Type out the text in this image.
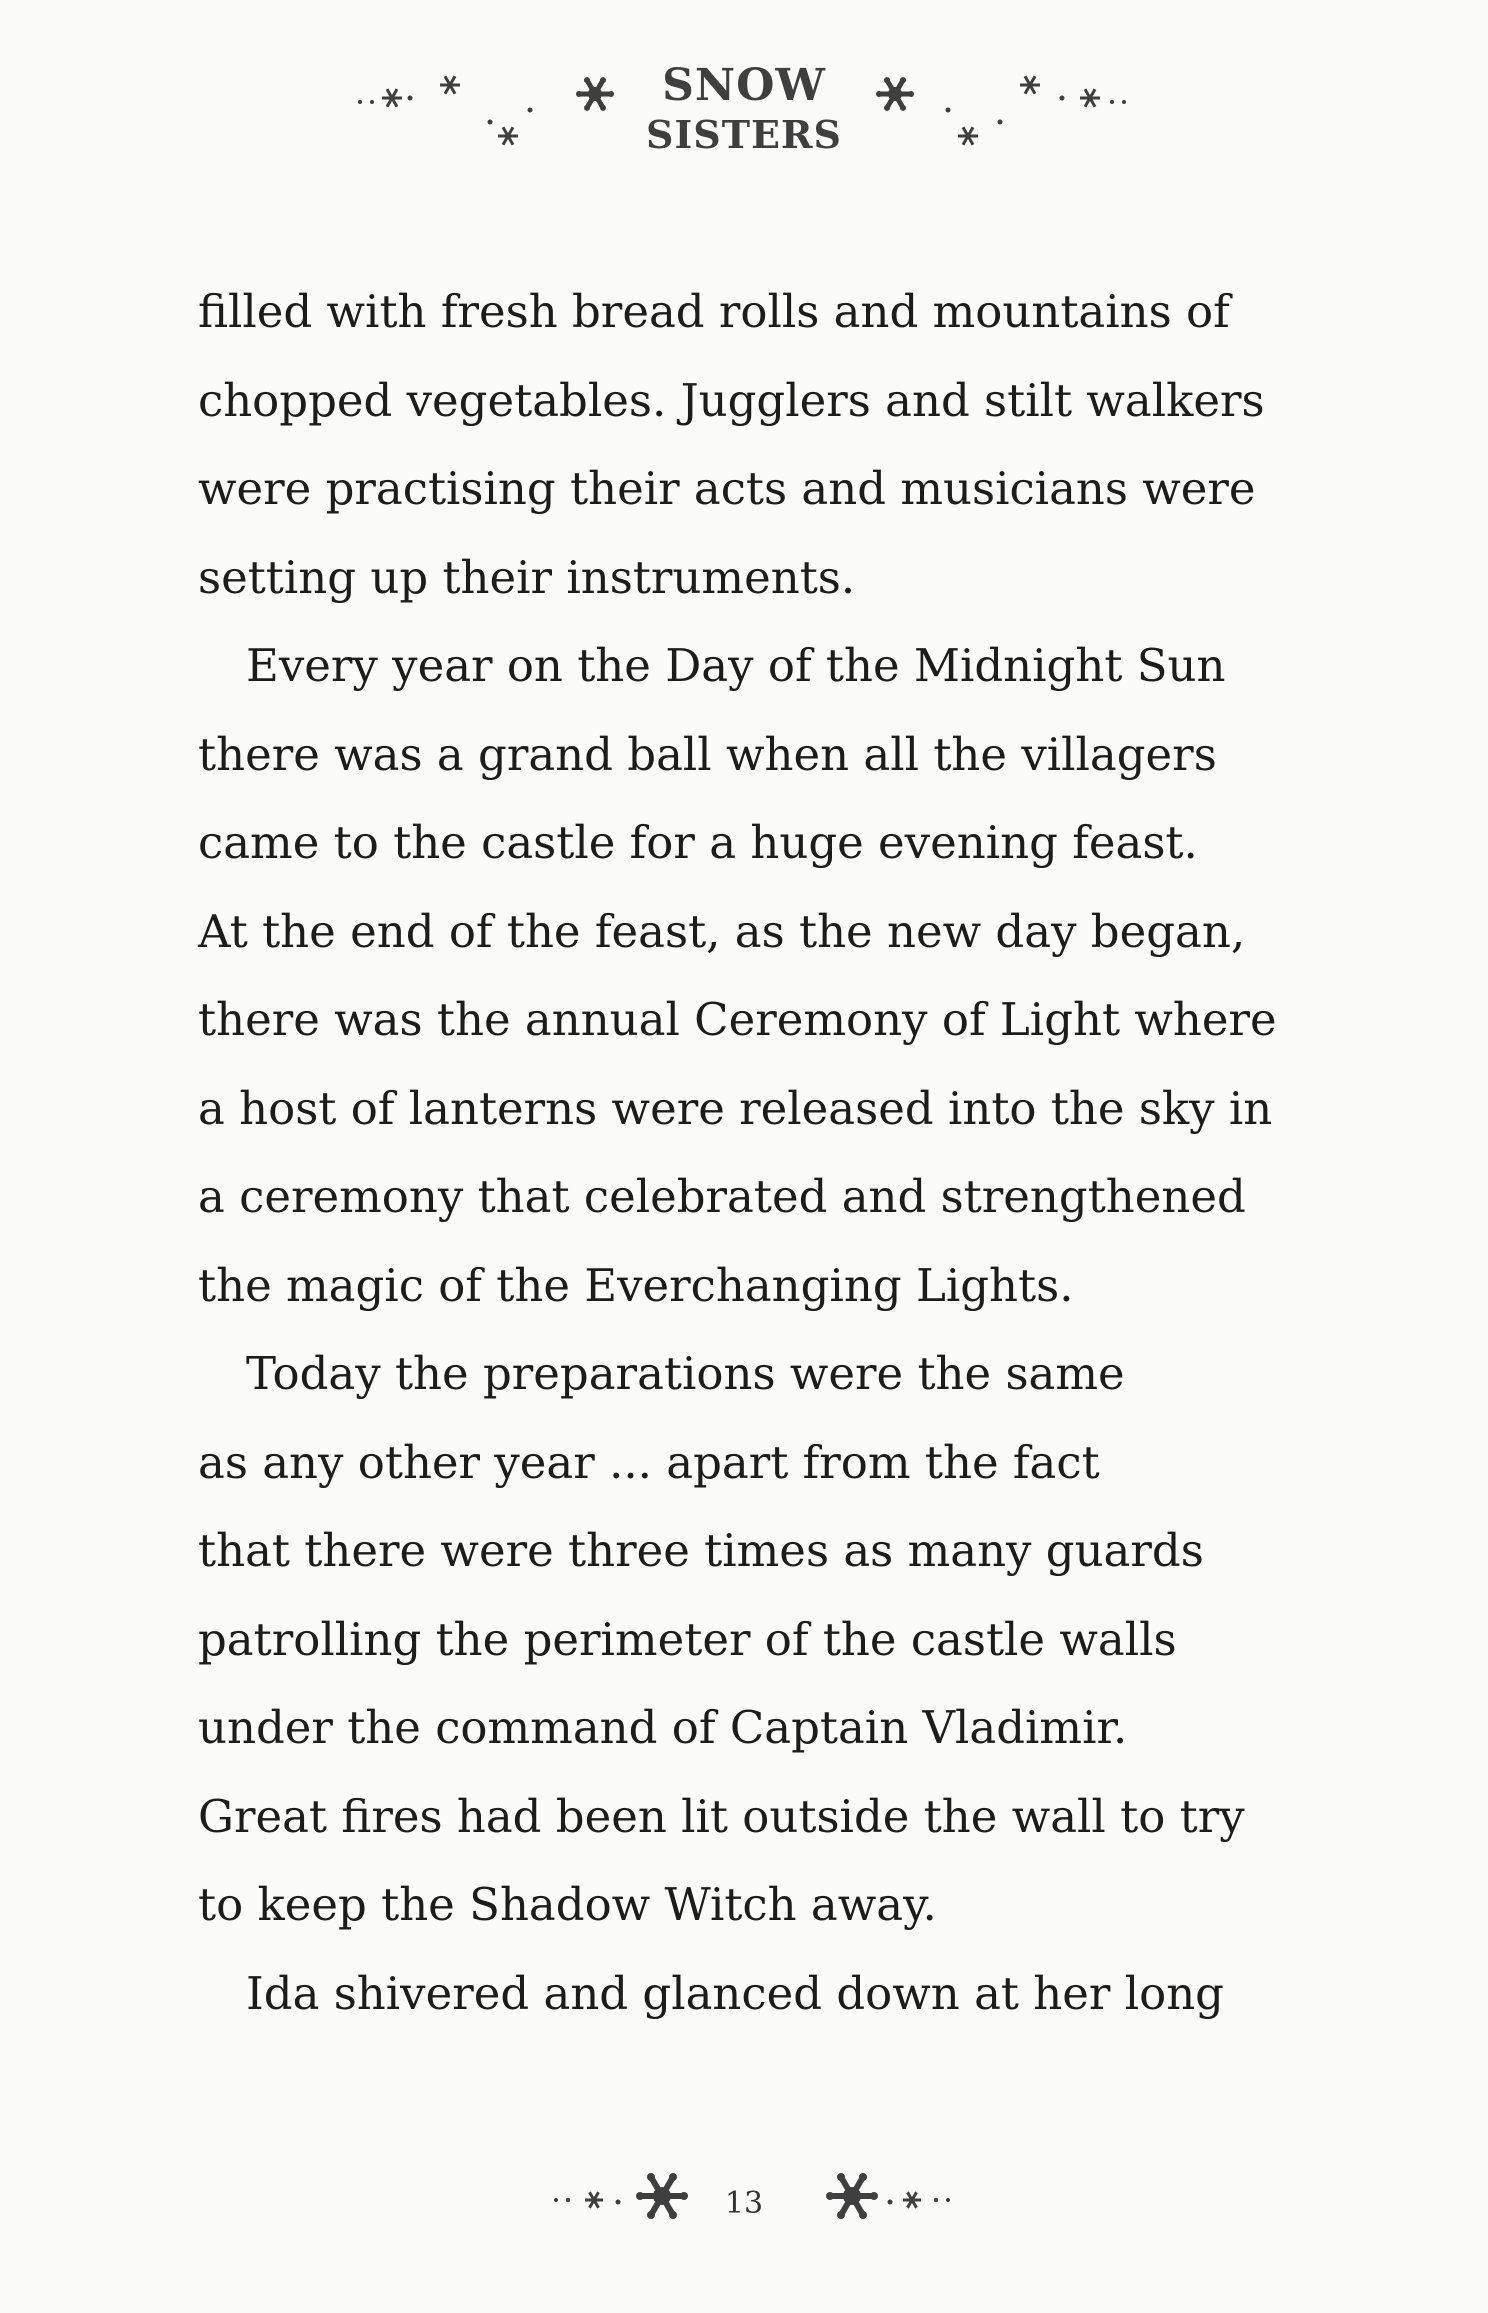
SNOW
SISTERS
filled with fresh bread rolls and mountains of
chopped vegetables. Jugglers and stilt walkers
were practising their acts and musicians were
setting up their instruments.
Every year on the Day of the Midnight Sun
there was a grand ball when all the villagers
came to the castle for a huge evening feast.
At the end of the feast, as the new day began,
there was the annual Ceremony of Light where
a host of lanterns were released into the sky in
a ceremony that celebrated and strengthened
the magic of the Everchanging Lights.
Today the preparations were the same
as any other year ... apart from the fact
that there were three times as many guards
patrolling the perimeter of the castle walls
under the command of Captain Vladimir.
Great fires had been lit outside the wall to try
to keep the Shadow Witch away.
Ida shivered and glanced down at her long
13
